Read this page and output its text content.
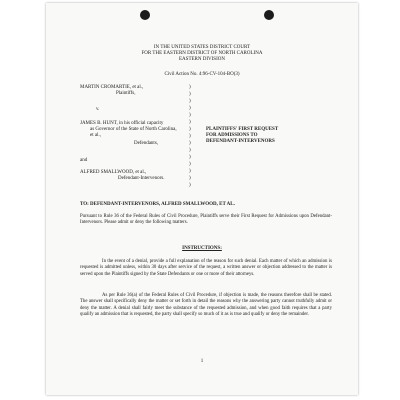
IN THE UNITED STATES DISTRICT COURT
FOR THE EASTERN DISTRICT OF NORTH CAROLINA
EASTERN DIVISION
Civil Action No. 4:96-CV-104-BO(3)
MARTIN CROMARTIE, et al.,
Plaintiffs,
v.
JAMES B. HUNT, in his official capacity
as Governor of the State of North Carolina,
et al.,
Defendants,
and
ALFRED SMALLWOOD, et al.,
Defendant-Intervenors.
)
)
)
)
)
)
)
)
)
)
)
)
)
)
)
PLAINTIFFS' FIRST REQUEST
FOR ADMISSIONS TO
DEFENDANT-INTERVENORS
TO: DEFENDANT-INTERVENORS, ALFRED SMALLWOOD, ET AL.
Pursuant to Rule 36 of the Federal Rules of Civil Procedure, Plaintiffs serve their First Request for Admissions upon Defendant-Intervenors. Please admit or deny the following matters.
INSTRUCTIONS:
In the event of a denial, provide a full explanation of the reason for such denial. Each matter of which an admission is requested is admitted unless, within 30 days after service of the request, a written answer or objection addressed to the matter is served upon the Plaintiffs signed by the State Defendants or one or more of their attorneys.
As per Rule 36(a) of the Federal Rules of Civil Procedure, if objection is made, the reasons therefore shall be stated. The answer shall specifically deny the matter or set forth in detail the reasons why the answering party cannot truthfully admit or deny the matter. A denial shall fairly meet the substance of the requested admission, and when good faith requires that a party qualify an admission that is requested, the party shall specify so much of it as is true and qualify or deny the remainder.
1
